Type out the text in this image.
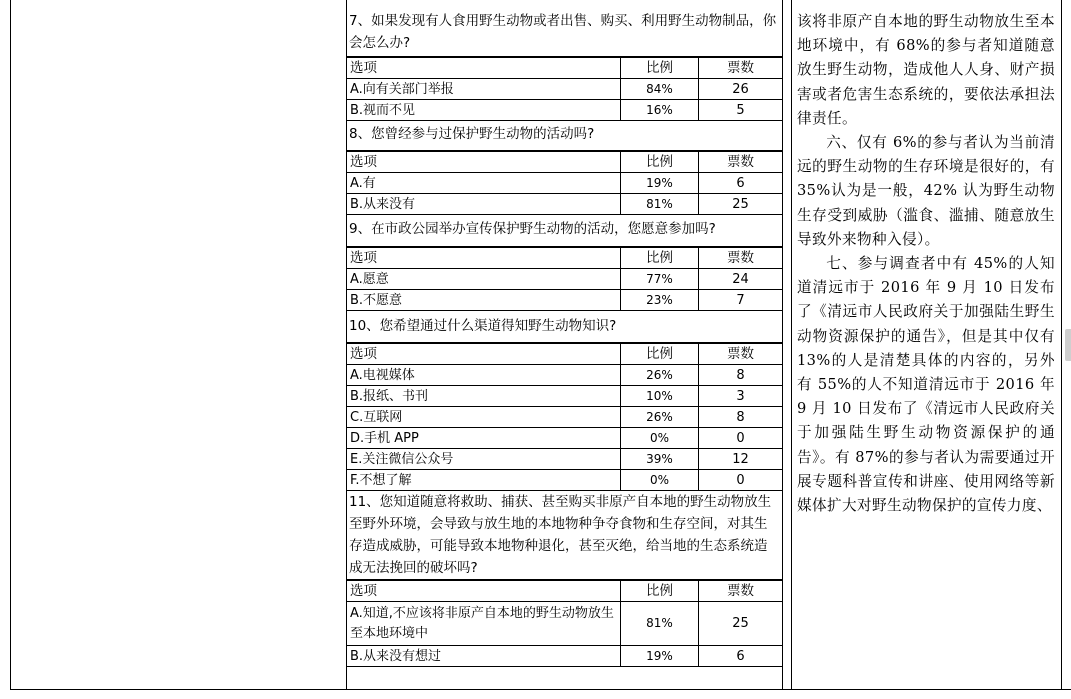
7、如果发现有人食用野生动物或者出售、购买、利用野生动物制品，你会怎么办?
选项	比例	票数
A.向有关部门举报	84%	26
B.视而不见	16%	5
8、您曾经参与过保护野生动物的活动吗?
选项	比例	票数
A.有	19%	6
B.从来没有	81%	25
9、在市政公园举办宣传保护野生动物的活动，您愿意参加吗?
选项	比例	票数
A.愿意	77%	24
B.不愿意	23%	7
10、您希望通过什么渠道得知野生动物知识?
选项	比例	票数
A.电视媒体	26%	8
B.报纸、书刊	10%	3
C.互联网	26%	8
D.手机 APP	0%	0
E.关注微信公众号	39%	12
F.不想了解	0%	0
11、您知道随意将救助、捕获、甚至购买非原产自本地的野生动物放生至野外环境，会导致与放生地的本地物种争夺食物和生存空间，对其生存造成威胁，可能导致本地物种退化，甚至灭绝，给当地的生态系统造成无法挽回的破坏吗?
选项	比例	票数
A.知道,不应该将非原产自本地的野生动物放生至本地环境中	81%	25
B.从来没有想过	19%	6

该将非原产自本地的野生动物放生至本地环境中，有 68%的参与者知道随意放生野生动物，造成他人人身、财产损害或者危害生态系统的，要依法承担法律责任。

六、仅有 6%的参与者认为当前清远的野生动物的生存环境是很好的，有 35%认为是一般，42% 认为野生动物生存受到威胁（滥食、滥捕、随意放生导致外来物种入侵）。

七、参与调查者中有 45%的人知道清远市于 2016 年 9 月 10 日发布了《清远市人民政府关于加强陆生野生动物资源保护的通告》，但是其中仅有 13%的人是清楚具体的内容的，另外有 55%的人不知道清远市于 2016 年 9 月 10 日发布了《清远市人民政府关于加强陆生野生动物资源保护的通告》。有 87%的参与者认为需要通过开展专题科普宣传和讲座、使用网络等新媒体扩大对野生动物保护的宣传力度、
